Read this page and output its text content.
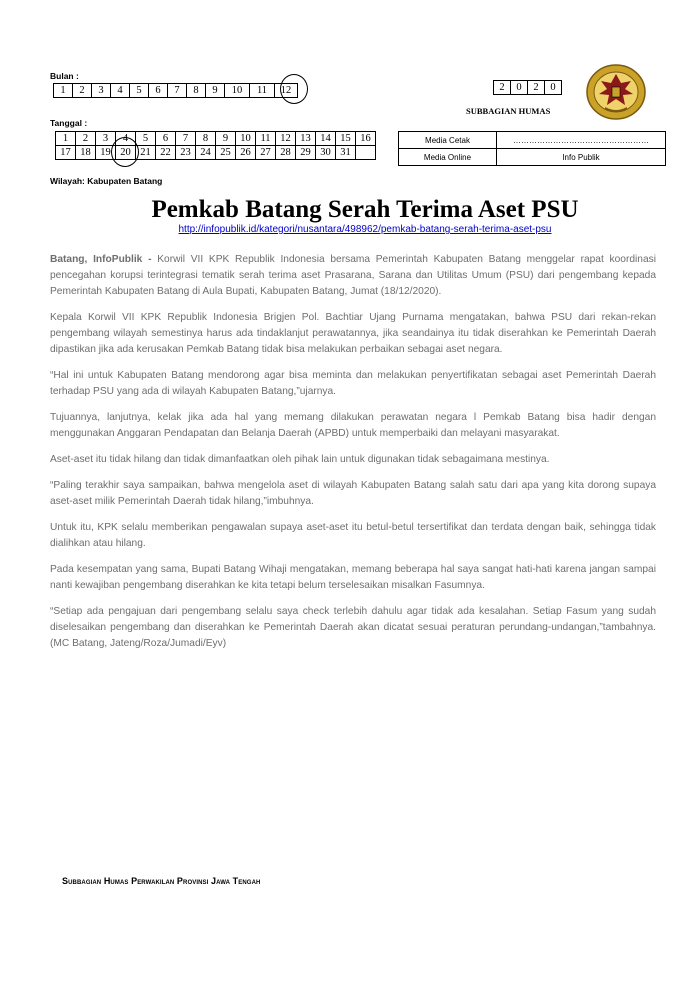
Bulan :
1	2	3	4	5	6	7	8	9	10	11	12
Tanggal :
1	2	3	4	5	6	7	8	9	10	11	12	13	14	15	16
17	18	19	20	21	22	23	24	25	26	27	28	29	30	31	
2	0	2	0
SUBBAGIAN HUMAS
Media Cetak	……………………………………………
Media Online	Info Publik
Wilayah: Kabupaten Batang
Pemkab Batang Serah Terima Aset PSU
http://infopublik.id/kategori/nusantara/498962/pemkab-batang-serah-terima-aset-psu

Batang, InfoPublik - Korwil VII KPK Republik Indonesia bersama Pemerintah Kabupaten Batang menggelar rapat koordinasi pencegahan korupsi terintegrasi tematik serah terima aset Prasarana, Sarana dan Utilitas Umum (PSU) dari pengembang kepada Pemerintah Kabupaten Batang di Aula Bupati, Kabupaten Batang, Jumat (18/12/2020).

Kepala Korwil VII KPK Republik Indonesia Brigjen Pol. Bachtiar Ujang Purnama mengatakan, bahwa PSU dari rekan-rekan pengembang wilayah semestinya harus ada tindaklanjut perawatannya, jika seandainya itu tidak diserahkan ke Pemerintah Daerah dipastikan jika ada kerusakan Pemkab Batang tidak bisa melakukan perbaikan sebagai aset negara.

“Hal ini untuk Kabupaten Batang mendorong agar bisa meminta dan melakukan penyertifikatan sebagai aset Pemerintah Daerah terhadap PSU yang ada di wilayah Kabupaten Batang,”ujarnya.

Tujuannya, lanjutnya, kelak jika ada hal yang memang dilakukan perawatan negara l Pemkab Batang bisa hadir dengan menggunakan Anggaran Pendapatan dan Belanja Daerah (APBD) untuk memperbaiki dan melayani masyarakat.

Aset-aset itu tidak hilang dan tidak dimanfaatkan oleh pihak lain untuk digunakan tidak sebagaimana mestinya.

“Paling terakhir saya sampaikan, bahwa mengelola aset di wilayah Kabupaten Batang salah satu dari apa yang kita dorong supaya aset-aset milik Pemerintah Daerah tidak hilang,”imbuhnya.

Untuk itu, KPK selalu memberikan pengawalan supaya aset-aset itu betul-betul tersertifikat dan terdata dengan baik, sehingga tidak dialihkan atau hilang.

Pada kesempatan yang sama, Bupati Batang Wihaji mengatakan, memang beberapa hal saya sangat hati-hati karena jangan sampai nanti kewajiban pengembang diserahkan ke kita tetapi belum terselesaikan misalkan Fasumnya.

“Setiap ada pengajuan dari pengembang selalu saya check terlebih dahulu agar tidak ada kesalahan. Setiap Fasum yang sudah diselesaikan pengembang dan diserahkan ke Pemerintah Daerah akan dicatat sesuai peraturan perundang-undangan,”tambahnya. (MC Batang, Jateng/Roza/Jumadi/Eyv)

Subbagian Humas Perwakilan Provinsi Jawa Tengah
